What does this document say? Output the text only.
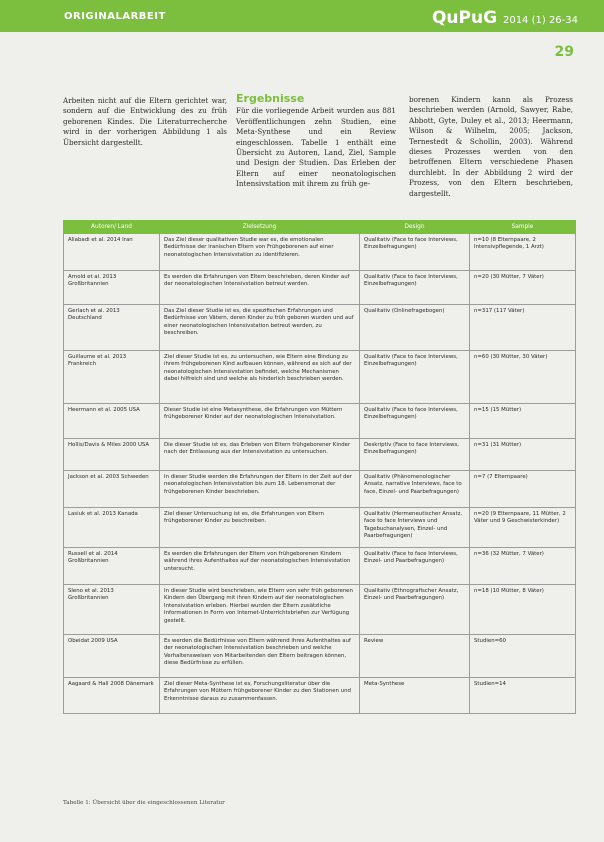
ORIGINALARBEIT	QuPuG 2014 (1) 26-34
29

Arbeiten nicht auf die Eltern gerichtet war, sondern auf die Entwicklung des zu früh geborenen Kindes. Die Literaturrecherche wird in der vorherigen Abbildung 1 als Übersicht dargestellt.

Ergebnisse

Für die vorliegende Arbeit wurden aus 881 Veröffentlichungen zehn Studien, eine Meta-Synthese und ein Review eingeschlossen. Tabelle 1 enthält eine Übersicht zu Autoren, Land, Ziel, Sample und Design der Studien. Das Erleben der Eltern auf einer neonatologischen Intensivstation mit ihrem zu früh ge-

borenen Kindern kann als Prozess beschrieben werden (Arnold, Sawyer, Rabe, Abbott, Gyte, Duley et al., 2013; Heermann, Wilson & Wilhelm, 2005; Jackson, Ternestedt & Schollin, 2003). Während dieses Prozesses werden von den betroffenen Eltern verschiedene Phasen durchlebt. In der Abbildung 2 wird der Prozess, von den Eltern beschrieben, dargestellt.

Autoren/ Land	Zielsetzung	Design	Sample
Aliabadi et al. 2014 Iran	Das Ziel dieser qualitativen Studie war es, die emotionalen Bedürfnisse der iranischen Eltern von Frühgeborenen auf einer neonatologischen Intensivstation zu identifizieren.	Qualitativ (Face to face Interviews, Einzelbefragungen)	n=10 (8 Elternpaare, 2 Intensivpflegende, 1 Arzt)
Arnold et al. 2013 Großbritannien	Es werden die Erfahrungen von Eltern beschrieben, deren Kinder auf der neonatologischen Intensivstation betreut werden.	Qualitativ (Face to face Interviews, Einzelbefragungen)	n=20 (30 Mütter, 7 Väter)
Gerlach et al. 2013 Deutschland	Das Ziel dieser Studie ist es, die spezifischen Erfahrungen und Bedürfnisse von Vätern, deren Kinder zu früh geboren wurden und auf einer neonatologischen Intensivstation betreut werden, zu beschreiben.	Qualitativ (Onlinefragebogen)	n=317 (117 Väter)
Guillaume et al. 2013 Frankreich	Ziel dieser Studie ist es, zu untersuchen, wie Eltern eine Bindung zu ihrem frühgeborenen Kind aufbauen können, während es sich auf der neonatologischen Intensivstation befindet, welche Mechanismen dabei hilfreich sind und welche als hinderlich beschrieben werden.	Qualitativ (Face to face Interviews, Einzelbefragungen)	n=60 (30 Mütter, 30 Väter)
Heermann et al. 2005 USA	Dieser Studie ist eine Metasynthese, die Erfahrungen von Müttern frühgeborener Kinder auf der neonatologischen Intensivstation.	Qualitativ (Face to face Interviews, Einzelbefragungen)	n=15 (15 Mütter)
Hollis/Davis & Miles 2000 USA	Die dieser Studie ist es, das Erleben von Eltern frühgeborener Kinder nach der Entlassung aus der Intensivstation zu untersuchen.	Deskriptiv (Face to face Interviews, Einzelbefragungen)	n=31 (31 Mütter)
Jackson et al. 2003 Schweden	In dieser Studie werden die Erfahrungen der Eltern in der Zeit auf der neonatologischen Intensivstation bis zum 18. Lebensmonat der frühgeborenen Kinder beschrieben.	Qualitativ (Phänomenologischer Ansatz, narrative Interviews, face to face, Einzel- und Paarbefragungen)	n=7 (7 Elternpaare)
Lasiuk et al. 2013 Kanada	Ziel dieser Untersuchung ist es, die Erfahrungen von Eltern frühgeborener Kinder zu beschreiben.	Qualitativ (Hermeneutischer Ansatz, face to face Interviews und Tagebuchanalysen, Einzel- und Paarbefragungen)	n=20 (9 Elternpaare, 11 Mütter, 2 Väter und 9 Geschwisterkinder)
Russell et al. 2014 Großbritannien	Es werden die Erfahrungen der Eltern von frühgeborenen Kindern während ihres Aufenthaltes auf der neonatologischen Intensivstation untersucht.	Qualitativ (Face to face Interviews, Einzel- und Paarbefragungen)	n=36 (32 Mütter, 7 Väter)
Sleno et al. 2013 Großbritannien	In dieser Studie wird beschrieben, wie Eltern von sehr früh geborenen Kindern den Übergang mit ihren Kindern auf der neonatologischen Intensivstation erleben. Hierbei wurden der Eltern zusätzliche Informationen in Form von Internet-Unterrichtsbriefen zur Verfügung gestellt.	Qualitativ (Ethnografischer Ansatz, Einzel- und Paarbefragungen)	n=18 (10 Mütter, 8 Väter)
Obeidat 2009 USA	Es werden die Bedürfnisse von Eltern während ihres Aufenthaltes auf der neonatologischen Intensivstation beschrieben und welche Verhaltensweisen von Mitarbeitenden den Eltern beitragen können, diese Bedürfnisse zu erfüllen.	Review	Studien=60
Aagaard & Hall 2008 Dänemark	Ziel dieser Meta-Synthese ist es, Forschungsliteratur über die Erfahrungen von Müttern frühgeborener Kinder zu den Stationen und Erkenntnisse daraus zu zusammenfassen.	Meta-Synthese	Studien=14
Tabelle 1: Übersicht über die eingeschlossenen Literatur
